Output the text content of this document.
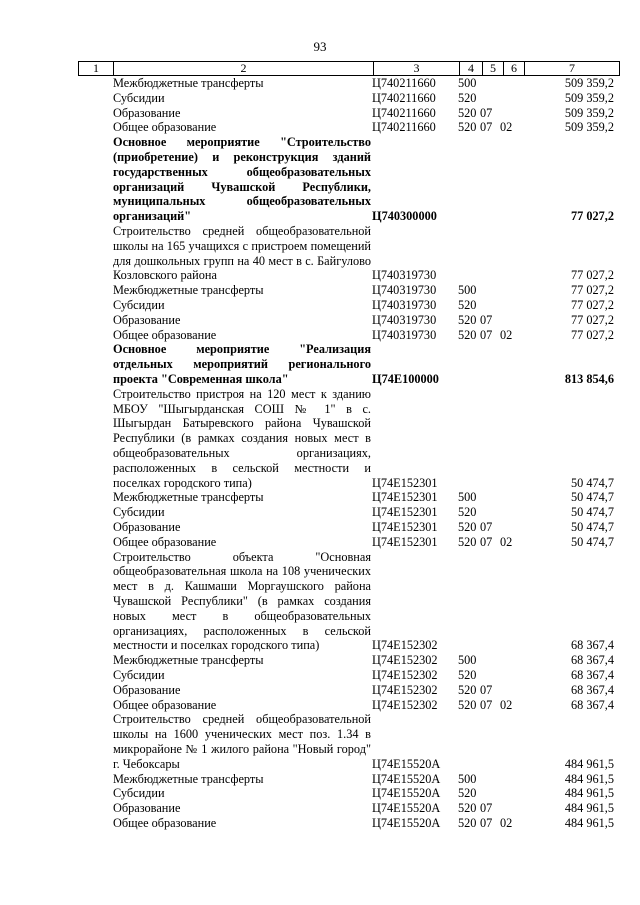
93
1	2	3	4	5	6	7
Межбюджетные трансферты	Ц740211660	500	509 359,2
Субсидии	Ц740211660	520	509 359,2
Образование	Ц740211660	520 07	509 359,2
Общее образование	Ц740211660	520 07 02	509 359,2
Основное мероприятие "Строительство (приобретение) и реконструкция зданий государственных общеобразовательных организаций Чувашской Республики, муниципальных общеобразовательных организаций"	Ц740300000	77 027,2
Строительство средней общеобразовательной школы на 165 учащихся с пристроем помещений для дошкольных групп на 40 мест в с. Байгулово Козловского района	Ц740319730	77 027,2
Межбюджетные трансферты	Ц740319730	500	77 027,2
Субсидии	Ц740319730	520	77 027,2
Образование	Ц740319730	520 07	77 027,2
Общее образование	Ц740319730	520 07 02	77 027,2
Основное мероприятие "Реализация отдельных мероприятий регионального проекта "Современная школа"	Ц74Е100000	813 854,6
Строительство пристроя на 120 мест к зданию МБОУ "Шыгырданская СОШ № 1" в с. Шыгырдан Батыревского района Чувашской Республики (в рамках создания новых мест в общеобразовательных организациях, расположенных в сельской местности и поселках городского типа)	Ц74Е152301	50 474,7
Межбюджетные трансферты	Ц74Е152301	500	50 474,7
Субсидии	Ц74Е152301	520	50 474,7
Образование	Ц74Е152301	520 07	50 474,7
Общее образование	Ц74Е152301	520 07 02	50 474,7
Строительство объекта "Основная общеобразовательная школа на 108 ученических мест в д. Кашмаши Моргаушского района Чувашской Республики" (в рамках создания новых мест в общеобразовательных организациях, расположенных в сельской местности и поселках городского типа)	Ц74Е152302	68 367,4
Межбюджетные трансферты	Ц74Е152302	500	68 367,4
Субсидии	Ц74Е152302	520	68 367,4
Образование	Ц74Е152302	520 07	68 367,4
Общее образование	Ц74Е152302	520 07 02	68 367,4
Строительство средней общеобразовательной школы на 1600 ученических мест поз. 1.34 в микрорайоне № 1 жилого района "Новый город" г. Чебоксары	Ц74Е15520А	484 961,5
Межбюджетные трансферты	Ц74Е15520А	500	484 961,5
Субсидии	Ц74Е15520А	520	484 961,5
Образование	Ц74Е15520А	520 07	484 961,5
Общее образование	Ц74Е15520А	520 07 02	484 961,5
